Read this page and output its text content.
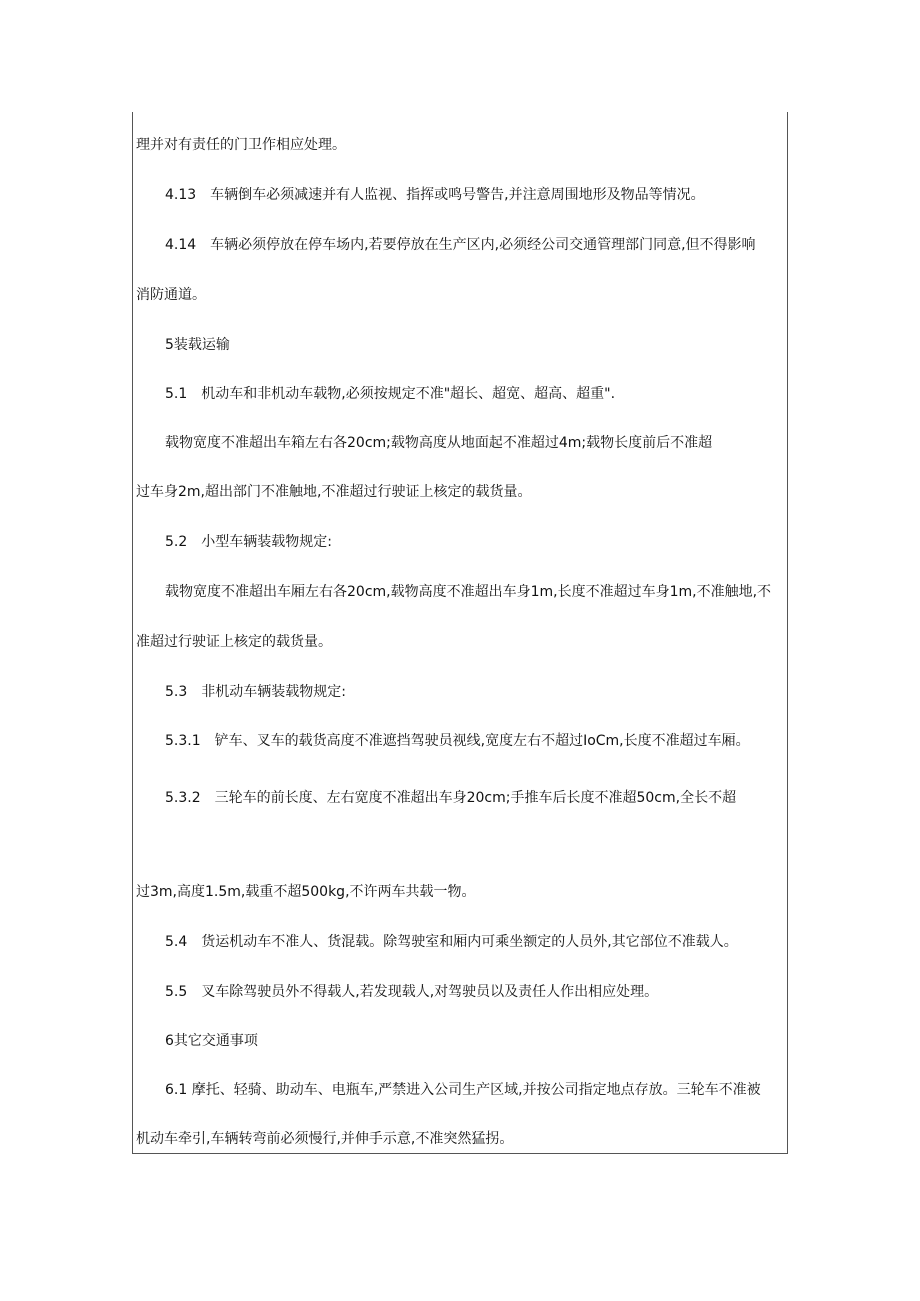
理并对有责任的门卫作相应处理。
4.13　车辆倒车必须减速并有人监视、指挥或鸣号警告,并注意周围地形及物品等情况。
4.14　车辆必须停放在停车场内,若要停放在生产区内,必须经公司交通管理部门同意,但不得影响
消防通道。
5装载运输
5.1　机动车和非机动车载物,必须按规定不准"超长、超宽、超高、超重".
载物宽度不准超出车箱左右各20cm;载物高度从地面起不准超过4m;载物长度前后不准超
过车身2m,超出部门不准触地,不准超过行驶证上核定的载货量。
5.2　小型车辆装载物规定:
载物宽度不准超出车厢左右各20cm,载物高度不准超出车身1m,长度不准超过车身1m,不准触地,不
准超过行驶证上核定的载货量。
5.3　非机动车辆装载物规定:
5.3.1　铲车、叉车的载货高度不准遮挡驾驶员视线,宽度左右不超过IoCm,长度不准超过车厢。
5.3.2　三轮车的前长度、左右宽度不准超出车身20cm;手推车后长度不准超50cm,全长不超
过3m,高度1.5m,载重不超500kg,不许两车共载一物。
5.4　货运机动车不准人、货混载。除驾驶室和厢内可乘坐额定的人员外,其它部位不准载人。
5.5　叉车除驾驶员外不得载人,若发现载人,对驾驶员以及责任人作出相应处理。
6其它交通事项
6.1 摩托、轻骑、助动车、电瓶车,严禁进入公司生产区域,并按公司指定地点存放。三轮车不准被
机动车牵引,车辆转弯前必须慢行,并伸手示意,不准突然猛拐。
